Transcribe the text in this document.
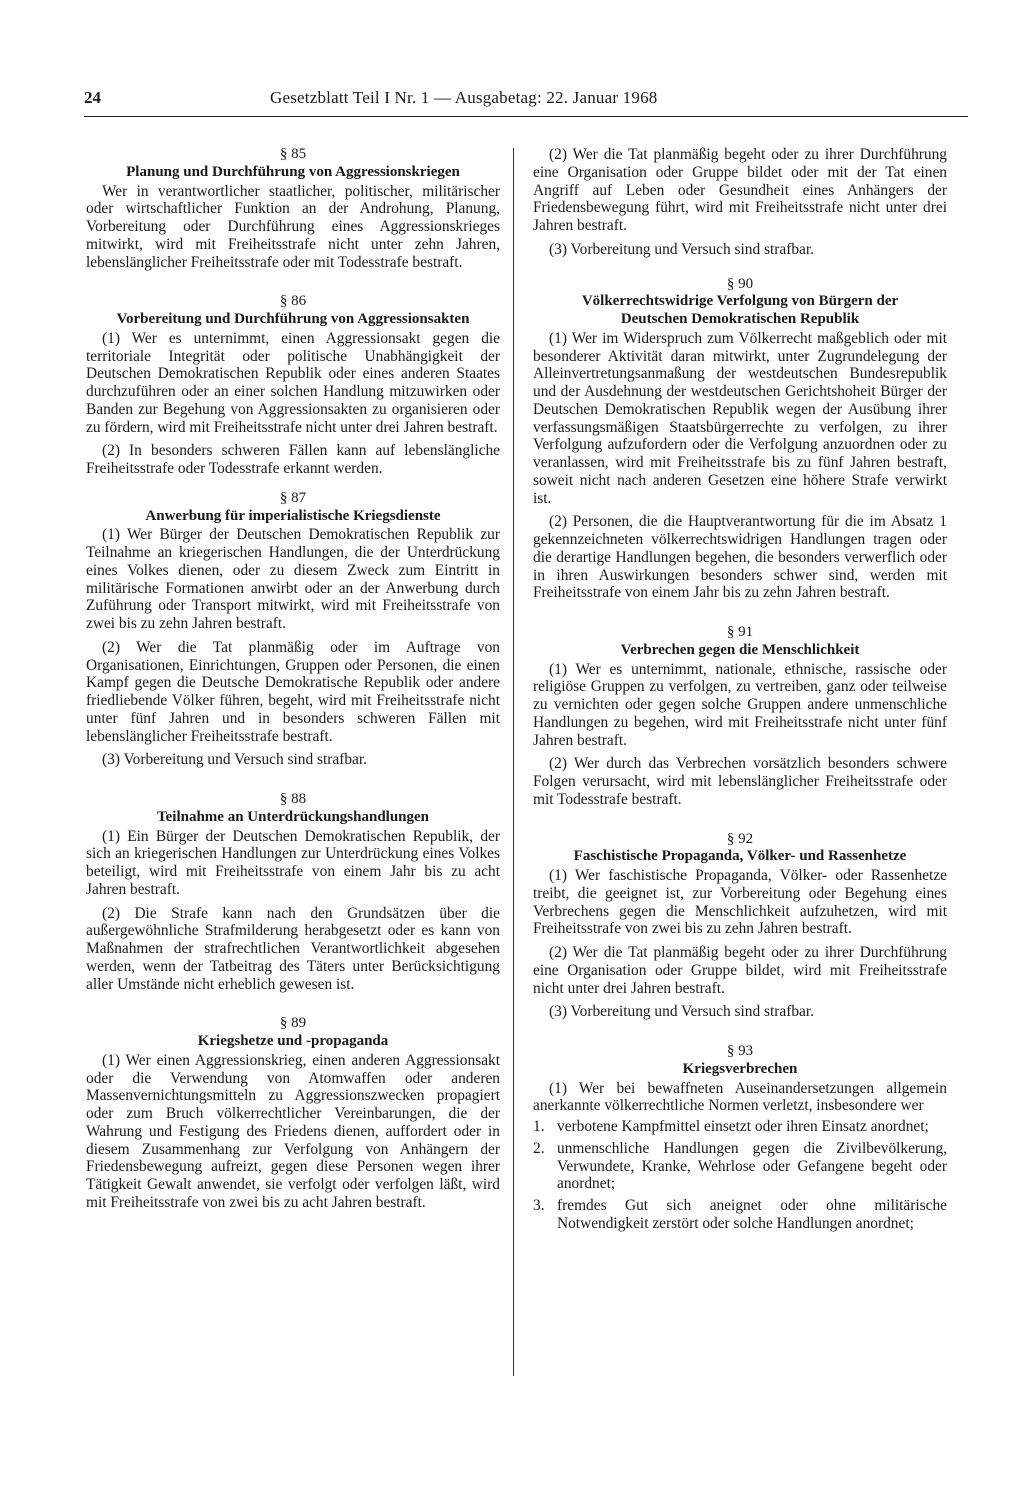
24	Gesetzblatt Teil I Nr. 1 — Ausgabetag: 22. Januar 1968
§ 85
Planung und Durchführung von Aggressionskriegen

Wer in verantwortlicher staatlicher, politischer, militärischer oder wirtschaftlicher Funktion an der Androhung, Planung, Vorbereitung oder Durchführung eines Aggressionskrieges mitwirkt, wird mit Freiheitsstrafe nicht unter zehn Jahren, lebenslänglicher Freiheitsstrafe oder mit Todesstrafe bestraft.

§ 86
Vorbereitung und Durchführung von Aggressionsakten

(1) Wer es unternimmt, einen Aggressionsakt gegen die territoriale Integrität oder politische Unabhängigkeit der Deutschen Demokratischen Republik oder eines anderen Staates durchzuführen oder an einer solchen Handlung mitzuwirken oder Banden zur Begehung von Aggressionsakten zu organisieren oder zu fördern, wird mit Freiheitsstrafe nicht unter drei Jahren bestraft.

(2) In besonders schweren Fällen kann auf lebenslängliche Freiheitsstrafe oder Todesstrafe erkannt werden.

§ 87
Anwerbung für imperialistische Kriegsdienste

(1) Wer Bürger der Deutschen Demokratischen Republik zur Teilnahme an kriegerischen Handlungen, die der Unterdrückung eines Volkes dienen, oder zu diesem Zweck zum Eintritt in militärische Formationen anwirbt oder an der Anwerbung durch Zuführung oder Transport mitwirkt, wird mit Freiheitsstrafe von zwei bis zu zehn Jahren bestraft.

(2) Wer die Tat planmäßig oder im Auftrage von Organisationen, Einrichtungen, Gruppen oder Personen, die einen Kampf gegen die Deutsche Demokratische Republik oder andere friedliebende Völker führen, begeht, wird mit Freiheitsstrafe nicht unter fünf Jahren und in besonders schweren Fällen mit lebenslänglicher Freiheitsstrafe bestraft.

(3) Vorbereitung und Versuch sind strafbar.

§ 88
Teilnahme an Unterdrückungshandlungen

(1) Ein Bürger der Deutschen Demokratischen Republik, der sich an kriegerischen Handlungen zur Unterdrückung eines Volkes beteiligt, wird mit Freiheitsstrafe von einem Jahr bis zu acht Jahren bestraft.

(2) Die Strafe kann nach den Grundsätzen über die außergewöhnliche Strafmilderung herabgesetzt oder es kann von Maßnahmen der strafrechtlichen Verantwortlichkeit abgesehen werden, wenn der Tatbeitrag des Täters unter Berücksichtigung aller Umstände nicht erheblich gewesen ist.

§ 89
Kriegshetze und -propaganda

(1) Wer einen Aggressionskrieg, einen anderen Aggressionsakt oder die Verwendung von Atomwaffen oder anderen Massenvernichtungsmitteln zu Aggressionszwecken propagiert oder zum Bruch völkerrechtlicher Vereinbarungen, die der Wahrung und Festigung des Friedens dienen, auffordert oder in diesem Zusammenhang zur Verfolgung von Anhängern der Friedensbewegung aufreizt, gegen diese Personen wegen ihrer Tätigkeit Gewalt anwendet, sie verfolgt oder verfolgen läßt, wird mit Freiheitsstrafe von zwei bis zu acht Jahren bestraft.

(2) Wer die Tat planmäßig begeht oder zu ihrer Durchführung eine Organisation oder Gruppe bildet oder mit der Tat einen Angriff auf Leben oder Gesundheit eines Anhängers der Friedensbewegung führt, wird mit Freiheitsstrafe nicht unter drei Jahren bestraft.

(3) Vorbereitung und Versuch sind strafbar.

§ 90
Völkerrechtswidrige Verfolgung von Bürgern der
Deutschen Demokratischen Republik

(1) Wer im Widerspruch zum Völkerrecht maßgeblich oder mit besonderer Aktivität daran mitwirkt, unter Zugrundelegung der Alleinvertretungsanmaßung der westdeutschen Bundesrepublik und der Ausdehnung der westdeutschen Gerichtshoheit Bürger der Deutschen Demokratischen Republik wegen der Ausübung ihrer verfassungsmäßigen Staatsbürgerrechte zu verfolgen, zu ihrer Verfolgung aufzufordern oder die Verfolgung anzuordnen oder zu veranlassen, wird mit Freiheitsstrafe bis zu fünf Jahren bestraft, soweit nicht nach anderen Gesetzen eine höhere Strafe verwirkt ist.

(2) Personen, die die Hauptverantwortung für die im Absatz 1 gekennzeichneten völkerrechtswidrigen Handlungen tragen oder die derartige Handlungen begehen, die besonders verwerflich oder in ihren Auswirkungen besonders schwer sind, werden mit Freiheitsstrafe von einem Jahr bis zu zehn Jahren bestraft.

§ 91
Verbrechen gegen die Menschlichkeit

(1) Wer es unternimmt, nationale, ethnische, rassische oder religiöse Gruppen zu verfolgen, zu vertreiben, ganz oder teilweise zu vernichten oder gegen solche Gruppen andere unmenschliche Handlungen zu begehen, wird mit Freiheitsstrafe nicht unter fünf Jahren bestraft.

(2) Wer durch das Verbrechen vorsätzlich besonders schwere Folgen verursacht, wird mit lebenslänglicher Freiheitsstrafe oder mit Todesstrafe bestraft.

§ 92
Faschistische Propaganda, Völker- und Rassenhetze

(1) Wer faschistische Propaganda, Völker- oder Rassenhetze treibt, die geeignet ist, zur Vorbereitung oder Begehung eines Verbrechens gegen die Menschlichkeit aufzuhetzen, wird mit Freiheitsstrafe von zwei bis zu zehn Jahren bestraft.

(2) Wer die Tat planmäßig begeht oder zu ihrer Durchführung eine Organisation oder Gruppe bildet, wird mit Freiheitsstrafe nicht unter drei Jahren bestraft.

(3) Vorbereitung und Versuch sind strafbar.

§ 93
Kriegsverbrechen

(1) Wer bei bewaffneten Auseinandersetzungen allgemein anerkannte völkerrechtliche Normen verletzt, insbesondere wer

1. verbotene Kampfmittel einsetzt oder ihren Einsatz anordnet;
2. unmenschliche Handlungen gegen die Zivilbevölkerung, Verwundete, Kranke, Wehrlose oder Gefangene begeht oder anordnet;
3. fremdes Gut sich aneignet oder ohne militärische Notwendigkeit zerstört oder solche Handlungen anordnet;
